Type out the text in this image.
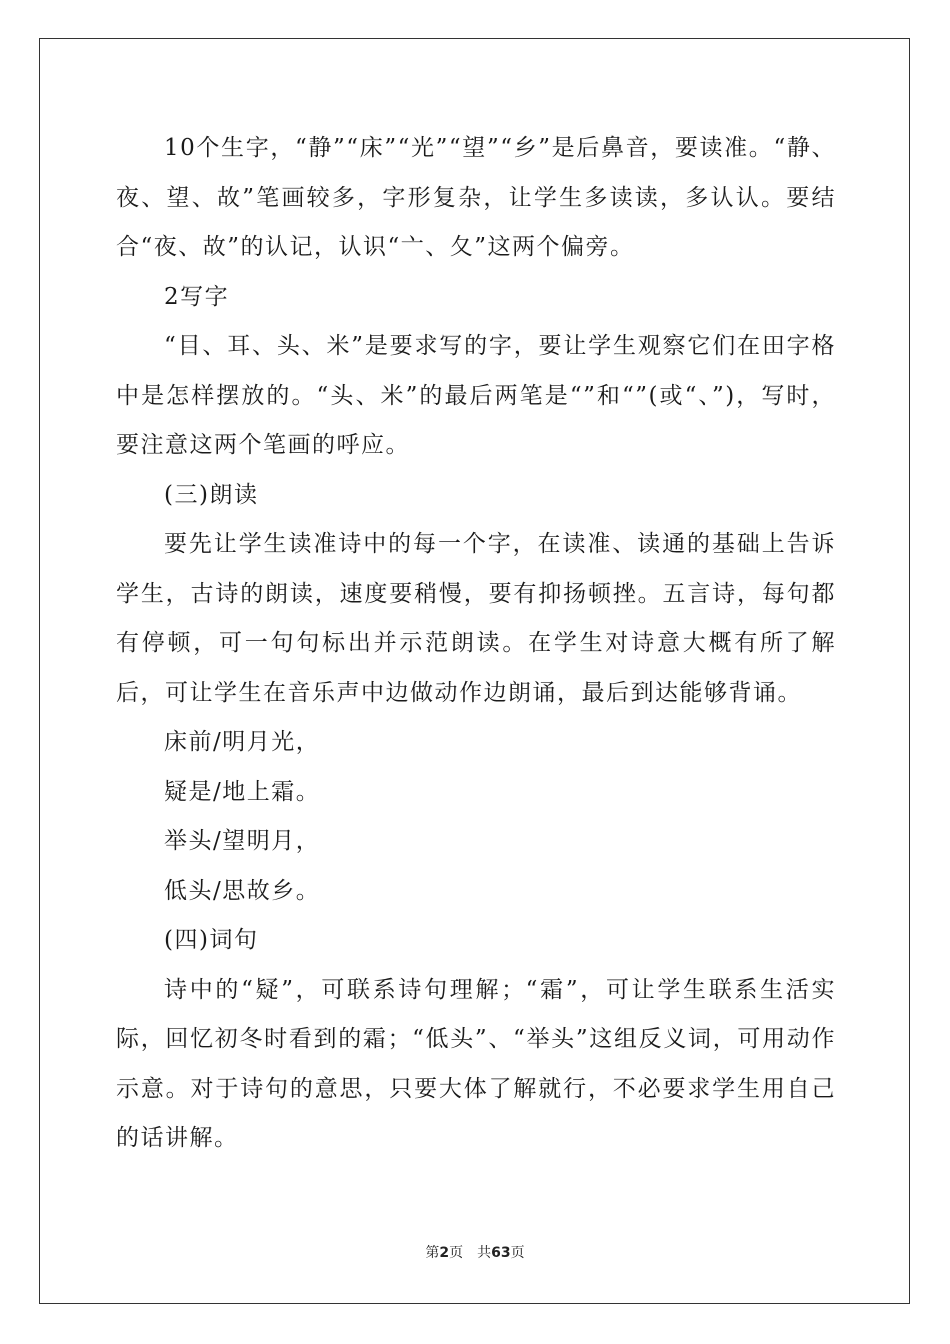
10个生字，“静”“床”“光”“望”“乡”是后鼻音，要读准。“静、夜、望、故”笔画较多，字形复杂，让学生多读读，多认认。要结合“夜、故”的认记，认识“亠、夂”这两个偏旁。

2写字

“目、耳、头、米”是要求写的字，要让学生观察它们在田字格中是怎样摆放的。“头、米”的最后两笔是“”和“”(或“、”)，写时，要注意这两个笔画的呼应。

(三)朗读

要先让学生读准诗中的每一个字，在读准、读通的基础上告诉学生，古诗的朗读，速度要稍慢，要有抑扬顿挫。五言诗，每句都有停顿，可一句句标出并示范朗读。在学生对诗意大概有所了解后，可让学生在音乐声中边做动作边朗诵，最后到达能够背诵。

床前/明月光，

疑是/地上霜。

举头/望明月，

低头/思故乡。

(四)词句

诗中的“疑”，可联系诗句理解；“霜”，可让学生联系生活实际，回忆初冬时看到的霜；“低头”、“举头”这组反义词，可用动作示意。对于诗句的意思，只要大体了解就行，不必要求学生用自己的话讲解。

第2页 共63页
